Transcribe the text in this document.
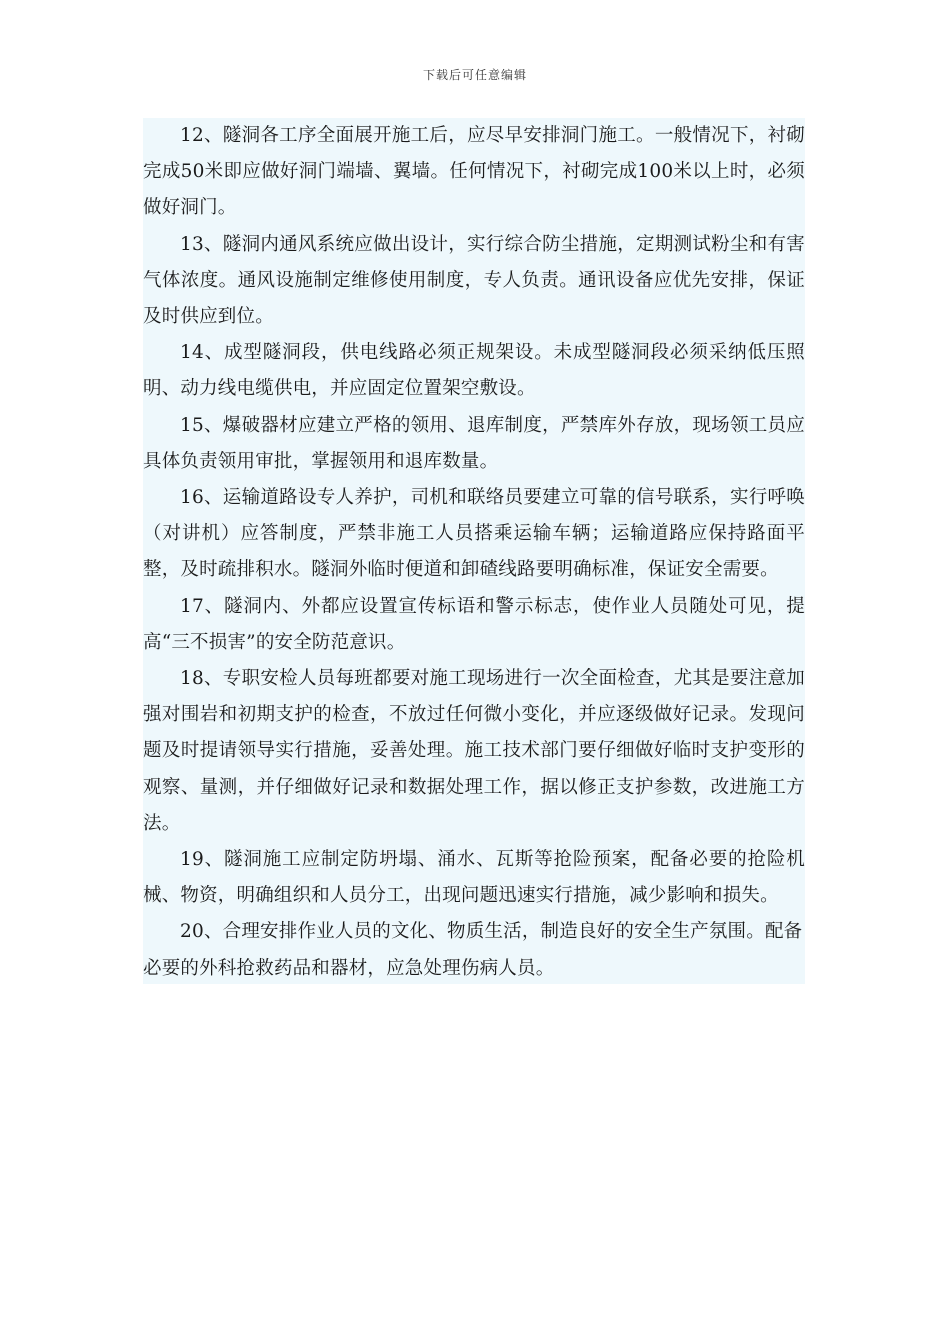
下载后可任意编辑

12、隧洞各工序全面展开施工后，应尽早安排洞门施工。一般情况下，衬砌完成50米即应做好洞门端墙、翼墙。任何情况下，衬砌完成100米以上时，必须做好洞门。

13、隧洞内通风系统应做出设计，实行综合防尘措施，定期测试粉尘和有害气体浓度。通风设施制定维修使用制度，专人负责。通讯设备应优先安排，保证及时供应到位。

14、成型隧洞段，供电线路必须正规架设。未成型隧洞段必须采纳低压照明、动力线电缆供电，并应固定位置架空敷设。

15、爆破器材应建立严格的领用、退库制度，严禁库外存放，现场领工员应具体负责领用审批，掌握领用和退库数量。

16、运输道路设专人养护，司机和联络员要建立可靠的信号联系，实行呼唤（对讲机）应答制度，严禁非施工人员搭乘运输车辆；运输道路应保持路面平整，及时疏排积水。隧洞外临时便道和卸碴线路要明确标准，保证安全需要。

17、隧洞内、外都应设置宣传标语和警示标志，使作业人员随处可见，提高“三不损害”的安全防范意识。

18、专职安检人员每班都要对施工现场进行一次全面检查，尤其是要注意加强对围岩和初期支护的检查，不放过任何微小变化，并应逐级做好记录。发现问题及时提请领导实行措施，妥善处理。施工技术部门要仔细做好临时支护变形的观察、量测，并仔细做好记录和数据处理工作，据以修正支护参数，改进施工方法。

19、隧洞施工应制定防坍塌、涌水、瓦斯等抢险预案，配备必要的抢险机械、物资，明确组织和人员分工，出现问题迅速实行措施，减少影响和损失。

20、合理安排作业人员的文化、物质生活，制造良好的安全生产氛围。配备必要的外科抢救药品和器材，应急处理伤病人员。
